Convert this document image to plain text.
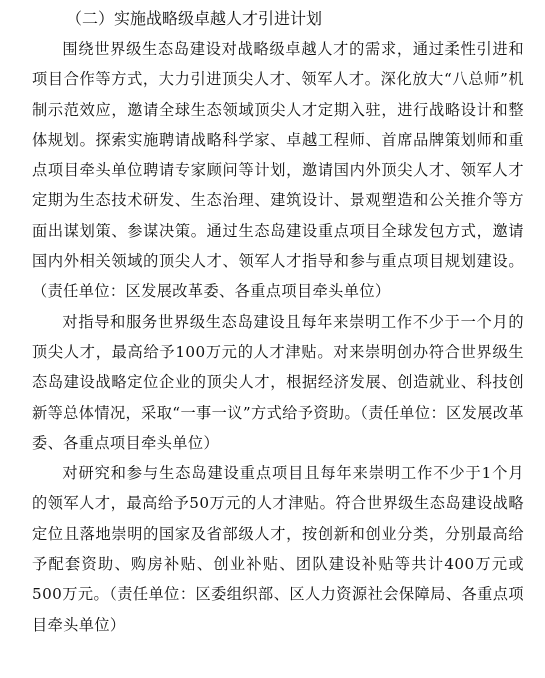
（二）实施战略级卓越人才引进计划

围绕世界级生态岛建设对战略级卓越人才的需求，通过柔性引进和项目合作等方式，大力引进顶尖人才、领军人才。深化放大“八总师”机制示范效应，邀请全球生态领域顶尖人才定期入驻，进行战略设计和整体规划。探索实施聘请战略科学家、卓越工程师、首席品牌策划师和重点项目牵头单位聘请专家顾问等计划，邀请国内外顶尖人才、领军人才定期为生态技术研发、生态治理、建筑设计、景观塑造和公关推介等方面出谋划策、参谋决策。通过生态岛建设重点项目全球发包方式，邀请国内外相关领域的顶尖人才、领军人才指导和参与重点项目规划建设。（责任单位：区发展改革委、各重点项目牵头单位）

对指导和服务世界级生态岛建设且每年来崇明工作不少于一个月的顶尖人才，最高给予100万元的人才津贴。对来崇明创办符合世界级生态岛建设战略定位企业的顶尖人才，根据经济发展、创造就业、科技创新等总体情况，采取“一事一议”方式给予资助。（责任单位：区发展改革委、各重点项目牵头单位）

对研究和参与生态岛建设重点项目且每年来崇明工作不少于1个月的领军人才，最高给予50万元的人才津贴。符合世界级生态岛建设战略定位且落地崇明的国家及省部级人才，按创新和创业分类，分别最高给予配套资助、购房补贴、创业补贴、团队建设补贴等共计400万元或500万元。（责任单位：区委组织部、区人力资源社会保障局、各重点项目牵头单位）
